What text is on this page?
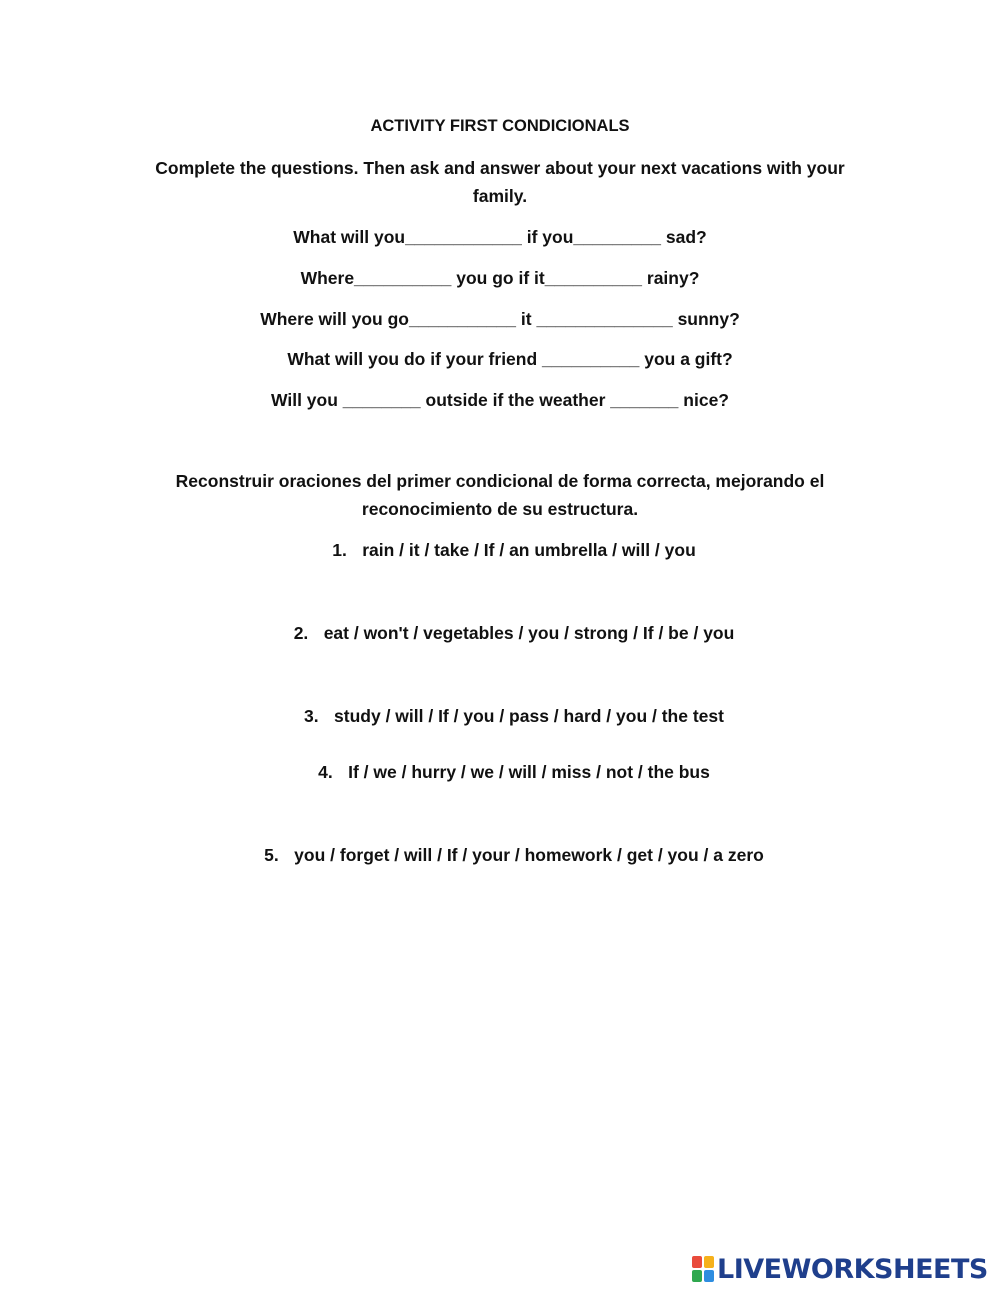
ACTIVITY FIRST CONDICIONALS
Complete the questions. Then ask and answer about your next vacations with your family.
What will you____________ if you_________ sad?
Where__________ you go if it__________ rainy?
Where will you go___________ it ______________ sunny?
What will you do if your friend __________ you a gift?
Will you ________ outside if the weather _______ nice?
Reconstruir oraciones del primer condicional de forma correcta, mejorando el reconocimiento de su estructura.
1. rain / it / take / If / an umbrella / will / you
2. eat / won't / vegetables / you / strong / If / be / you
3. study / will / If / you / pass / hard / you / the test
4. If / we / hurry / we / will / miss / not / the bus
5. you / forget / will / If / your / homework / get / you / a zero
LIVEWORKSHEETS
